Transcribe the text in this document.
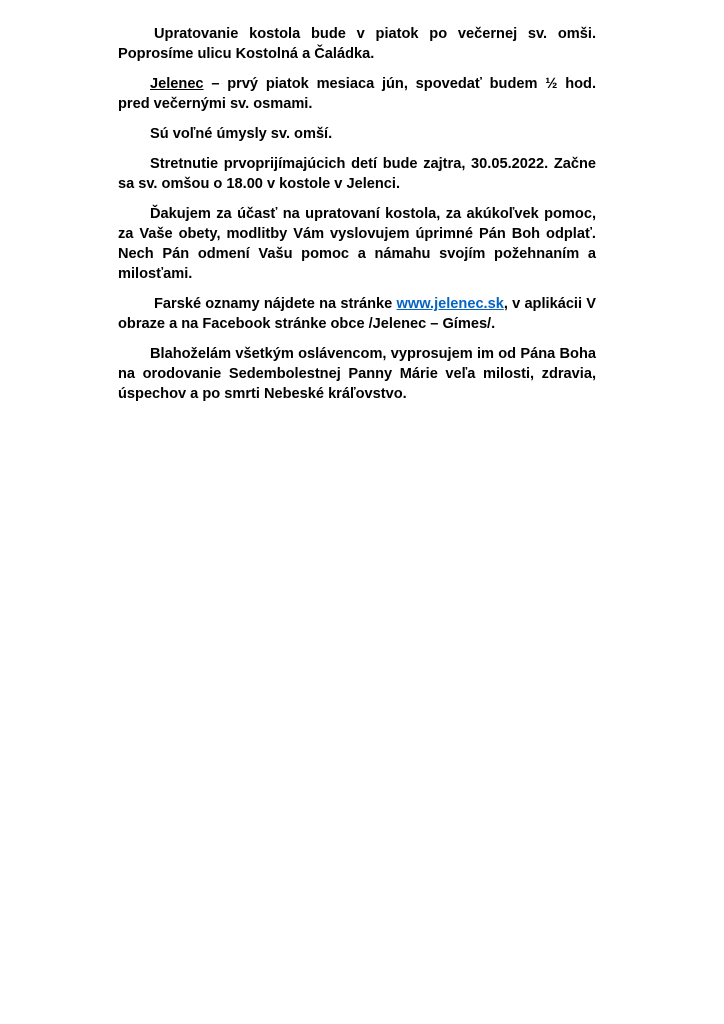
Upratovanie kostola bude v piatok po večernej sv. omši. Poprosíme ulicu Kostolná a Čaládka.

Jelenec – prvý piatok mesiaca jún, spovedať budem ½ hod. pred večernými sv. osmami.

Sú voľné úmysly sv. omší.

Stretnutie prvoprijímajúcich detí bude zajtra, 30.05.2022. Začne sa sv. omšou o 18.00 v kostole v Jelenci.

Ďakujem za účasť na upratovaní kostola, za akúkoľvek pomoc, za Vaše obety, modlitby Vám vyslovujem úprimné Pán Boh odplať. Nech Pán odmení Vašu pomoc a námahu svojím požehnaním a milosťami.

Farské oznamy nájdete na stránke www.jelenec.sk, v aplikácii V obraze a na Facebook stránke obce /Jelenec – Gímes/.

Blahoželám všetkým oslávencom, vyprosujem im od Pána Boha na orodovanie Sedembolestnej Panny Márie veľa milosti, zdravia, úspechov a po smrti Nebeské kráľovstvo.
